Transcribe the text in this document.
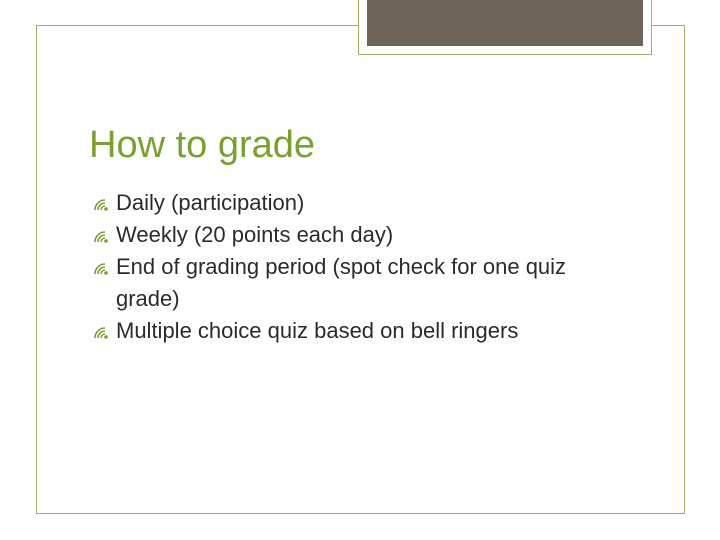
How to grade
Daily (participation)
Weekly (20 points each day)
End of grading period (spot check for one quiz grade)
Multiple choice quiz based on bell ringers
